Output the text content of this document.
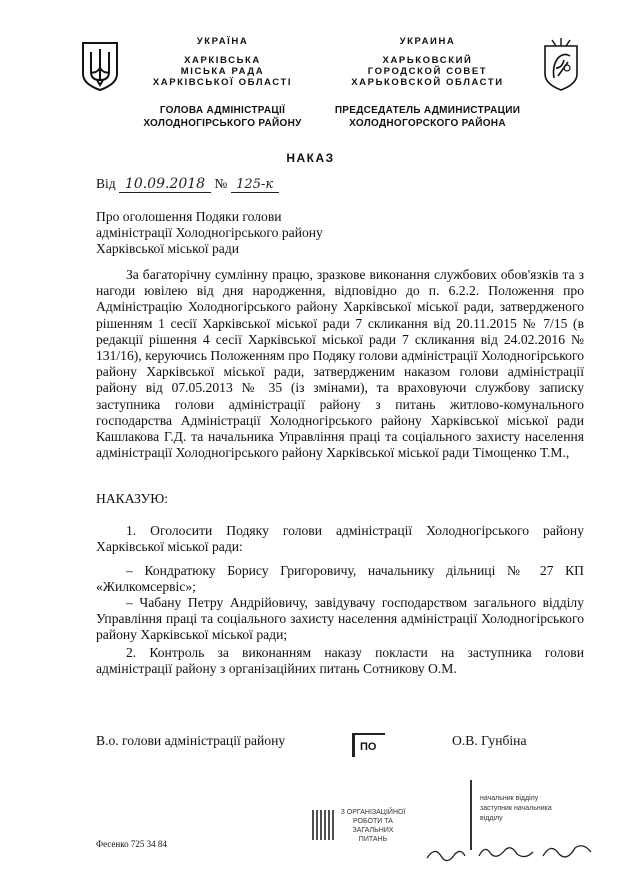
УКРАЇНА
ХАРКІВСЬКА
МІСЬКА РАДА
ХАРКІВСЬКОЇ ОБЛАСТІ
ГОЛОВА АДМІНІСТРАЦІЇ
ХОЛОДНОГІРСЬКОГО РАЙОНУ
УКРАИНА
ХАРЬКОВСКИЙ
ГОРОДСКОЙ СОВЕТ
ХАРЬКОВСКОЙ ОБЛАСТИ
ПРЕДСЕДАТЕЛЬ АДМИНИСТРАЦИИ
ХОЛОДНОГОРСКОГО РАЙОНА
НАКАЗ
Від 10.09.2018 № 125-к
Про оголошення Подяки голови
адміністрації Холодногірського району
Харківської міської ради

За багаторічну сумлінну працю, зразкове виконання службових обов'язків та з нагоди ювілею від дня народження, відповідно до п. 6.2.2. Положення про Адміністрацію Холодногірського району Харківської міської ради, затвердженого рішенням 1 сесії Харківської міської ради 7 скликання від 20.11.2015 № 7/15 (в редакції рішення 4 сесії Харківської міської ради 7 скликання від 24.02.2016 № 131/16), керуючись Положенням про Подяку голови адміністрації Холодногірського району Харківської міської ради, затвердженим наказом голови адміністрації району від 07.05.2013 № 35 (із змінами), та враховуючи службову записку заступника голови адміністрації району з питань житлово-комунального господарства Адміністрації Холодногірського району Харківської міської ради Кашлакова Г.Д. та начальника Управління праці та соціального захисту населення адміністрації Холодногірського району Харківської міської ради Тімощенко Т.М.,

НАКАЗУЮ:

1. Оголосити Подяку голови адміністрації Холодногірського району Харківської міської ради:

– Кондратюку Борису Григоровичу, начальнику дільниці № 27 КП «Жилкомсервіс»;

– Чабану Петру Андрійовичу, завідувачу господарством загального відділу Управління праці та соціального захисту населення адміністрації Холодногірського району Харківської міської ради;

2. Контроль за виконанням наказу покласти на заступника голови адміністрації району з організаційних питань Сотникову О.М.

В.о. голови адміністрації району	ПО	О.В. Гунбіна
З ОРГАНІЗАЦІЙНОЇ
РОБОТИ ТА
ЗАГАЛЬНИХ ПИТАНЬ
начальник відділу
заступник начальника
відділу
Фесенко 725 34 84
